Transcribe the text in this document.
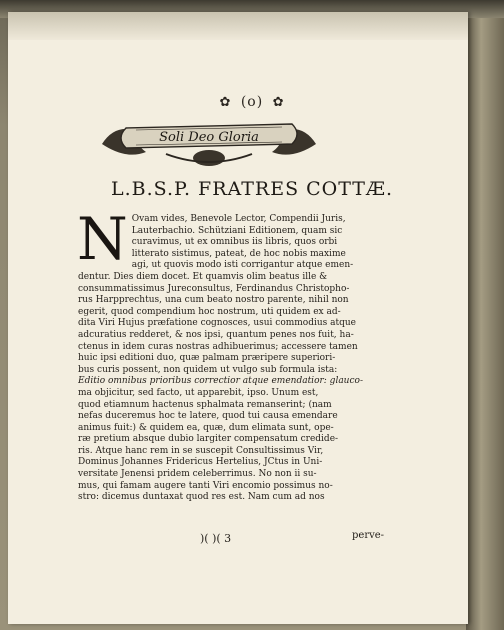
✿ (o) ✿
Soli Deo Gloria
L.B.S.P. FRATRES COTTÆ.
N Ovam vides, Benevole Lector, Compendii Juris,
Lauterbachio. Schütziani Editionem, quam sic
curavimus, ut ex omnibus iis libris, quos orbi
litterato sistimus, pateat, de hoc nobis maxime
agi, ut quovis modo isti corrigantur atque emen-
dentur. Dies diem docet. Et quamvis olim beatus ille &
consummatissimus Jureconsultus, Ferdinandus Christopho-
rus Harpprechtus, una cum beato nostro parente, nihil non
egerit, quod compendium hoc nostrum, uti quidem ex ad-
dita Viri Hujus præfatione cognosces, usui commodius atque
adcuratius redderet, & nos ipsi, quantum penes nos fuit, ha-
ctenus in idem curas nostras adhibuerimus; accessere tamen
huic ipsi editioni duo, quæ palmam præripere superiori-
bus curis possent, non quidem ut vulgo sub formula ista:
Editio omnibus prioribus correctior atque emendatior: glauco-
ma objicitur, sed facto, ut apparebit, ipso. Unum est,
quod etiamnum hactenus sphalmata remanserint; (nam
nefas duceremus hoc te latere, quod tui causa emendare
animus fuit:) & quidem ea, quæ, dum elimata sunt, ope-
ræ pretium absque dubio largiter compensatum credide-
ris. Atque hanc rem in se suscepit Consultissimus Vir,
Dominus Johannes Fridericus Hertelius, JCtus in Uni-
versitate Jenensi pridem celeberrimus. No non ii su-
mus, qui famam augere tanti Viri encomio possimus no-
stro: dicemus duntaxat quod res est. Nam cum ad nos
)( )( 3	perve-
